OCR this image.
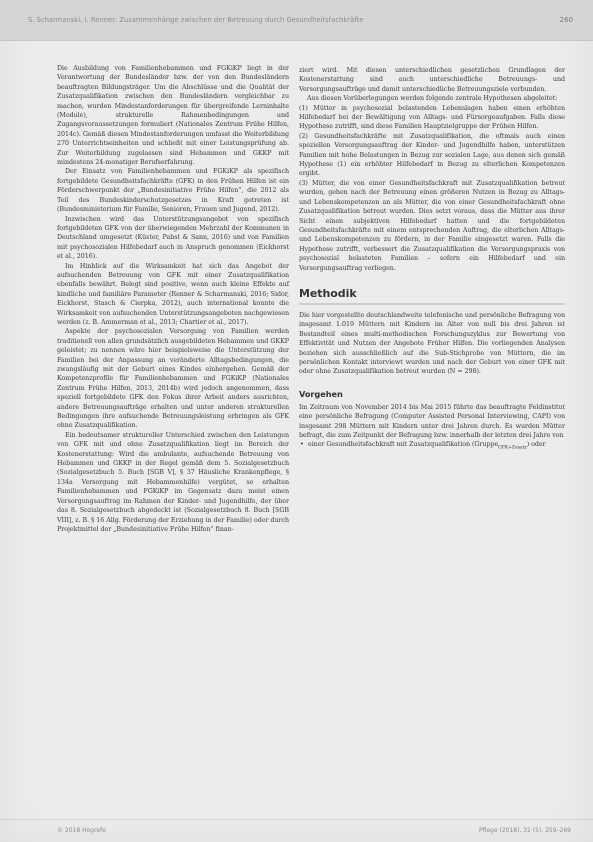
S. Scharmanski, I. Renner: Zusammenhänge zwischen der Betreuung durch Gesundheitsfachkräfte	260

Die Ausbildung von Familienhebammen und FGKiKP liegt in der Verantwortung der Bundesländer bzw. der von den Bundesländern beauftragten Bildungsträger. Um die Abschlüsse und die Qualität der Zusatzqualifikation zwischen den Bundesländern vergleichbar zu machen, wurden Mindestanforderungen für übergreifende Lerninhalte (Module), strukturelle Rahmenbedingungen und Zugangsvoraussetzungen formuliert (Nationales Zentrum Frühe Hilfen, 2014c). Gemäß diesen Mindestanforderungen umfasst die Weiterbildung 270 Unterrichtseinheiten und schließt mit einer Leistungsprüfung ab. Zur Weiterbildung zugelassen sind Hebammen und GKKP mit mindestens 24-monatiger Berufserfahrung.

Der Einsatz von Familienhebammen und FGKiKP als spezifisch fortgebildete Gesundheitsfachkräfte (GFK) in den Frühen Hilfen ist ein Förderschwerpunkt der „Bundesinitiative Frühe Hilfen“, die 2012 als Teil des Bundeskinderschutzgesetzes in Kraft getreten ist (Bundesministerium für Familie, Senioren, Frauen und Jugend, 2012).

Inzwischen wird das Unterstützungsangebot von spezifisch fortgebildeten GFK von der überwiegenden Mehrzahl der Kommunen in Deutschland umgesetzt (Küster, Pabst & Sann, 2016) und von Familien mit psychosozialen Hilfebedarf auch in Anspruch genommen (Eickhorst et al., 2016).

Im Hinblick auf die Wirksamkeit hat sich das Angebot der aufsuchenden Betreuung von GFK mit einer Zusatzqualifikation ebenfalls bewährt. Belegt sind positive, wenn auch kleine Effekte auf kindliche und familiäre Parameter (Renner & Scharmanski, 2016; Sidor, Eickhorst, Stasch & Cierpka, 2012), auch international konnte die Wirksamkeit von aufsuchenden Unterstützungsangeboten nachgewiesen werden (z. B. Ammerman et al., 2013; Chartier et al., 2017).

Aspekte der psychosozialen Versorgung von Familien werden traditionell von allen grundsätzlich ausgebildeten Hebammen und GKKP geleistet; zu nennen wäre hier beispielsweise die Unterstützung der Familien bei der Anpassung an veränderte Alltagsbedingungen, die zwangsläufig mit der Geburt eines Kindes einhergehen. Gemäß der Kompetenzprofile für Familienhebammen und FGKiKP (Nationales Zentrum Frühe Hilfen, 2013, 2014b) wird jedoch angenommen, dass speziell fortgebildete GFK den Fokus ihrer Arbeit anders ausrichten, andere Betreuungsaufträge erhalten und unter anderen strukturellen Bedingungen ihre aufsuchende Betreuungsleistung erbringen als GFK ohne Zusatzqualifikation.

Ein bedeutsamer struktureller Unterschied zwischen den Leistungen von GFK mit und ohne Zusatzqualifikation liegt im Bereich der Kostenerstattung: Wird die ambulante, aufsuchende Betreuung von Hebammen und GKKP in der Regel gemäß dem 5. Sozialgesetzbuch (Sozialgesetzbuch 5. Buch [SGB V], § 37 Häusliche Krankenpflege, § 134a Versorgung mit Hebammenhilfe) vergütet, so erhalten Familienhebammen und FGKiKP im Gegensatz dazu meist einen Versorgungsauftrag im Rahmen der Kinder- und Jugendhilfe, der über das 8. Sozialgesetzbuch abgedeckt ist (Sozialgesetzbuch 8. Buch [SGB VIII], z. B. § 16 Allg. Förderung der Erziehung in der Familie) oder durch Projektmittel der „Bundesinitiative Frühe Hilfen“ finan-

ziert wird. Mit diesen unterschiedlichen gesetzlichen Grundlagen der Kostenerstattung sind auch unterschiedliche Betreuungs- und Versorgungsaufträge und damit unterschiedliche Betreuungsziele verbunden.

Aus diesen Vorüberlegungen werden folgende zentrale Hypothesen abgeleitet:

(1) Mütter in psychosozial belastenden Lebenslagen haben einen erhöhten Hilfebedarf bei der Bewältigung von Alltags- und Fürsorgeaufgaben. Falls diese Hypothese zutrifft, sind diese Familien Hauptzielgruppe der Frühen Hilfen.

(2) Gesundheitsfachkräfte mit Zusatzqualifikation, die oftmals auch einen speziellen Versorgungsauftrag der Kinder- und Jugendhilfe haben, unterstützen Familien mit hohe Belastungen in Bezug zur sozialen Lage, aus denen sich gemäß Hypothese (1) ein erhöhter Hilfebedarf in Bezug zu elterlichen Kompetenzen ergibt.

(3) Mütter, die von einer Gesundheitsfachkraft mit Zusatzqualifikation betreut wurden, gehen nach der Betreuung einen größeren Nutzen in Bezug zu Alltags- und Lebenskompetenzen an als Mütter, die von einer Gesundheitsfachkraft ohne Zusatzqualifikation betreut wurden. Dies setzt voraus, dass die Mütter aus ihrer Sicht einen subjektiven Hilfebedarf hatten und die fortgebildeten Gesundheitsfachkräfte mit einem entsprechenden Auftrag, die elterlichen Alltags- und Lebenskompetenzen zu fördern, in der Familie eingesetzt waren. Falls die Hypothese zutrifft, verbessert die Zusatzqualifikation die Versorgungspraxis von psychosozial belasteten Familien – sofern ein Hilfebedarf und ein Versorgungsauftrag vorliegen.

Methodik

Die hier vorgestellte deutschlandweite telefonische und persönliche Befragung von insgesamt 1.019 Müttern mit Kindern im Alter von null bis drei Jahren ist Bestandteil eines multi-methodischen Forschungszyklus zur Bewertung von Effektivität und Nutzen der Angebote Früher Hilfen. Die vorliegenden Analysen beziehen sich ausschließlich auf die Sub-Stichprobe von Müttern, die im persönlichen Kontakt interviewt wurden und nach der Geburt von einer GFK mit oder ohne Zusatzqualifikation betreut wurden (N = 298).

Vorgehen

Im Zeitraum von November 2014 bis Mai 2015 führte das beauftragte Feldinstitut eine persönliche Befragung (Computer Assisted Personal Interviewing, CAPI) von insgesamt 298 Müttern mit Kindern unter drei Jahren durch. Es wurden Mütter befragt, die zum Zeitpunkt der Befragung bzw. innerhalb der letzten drei Jahre von

• einer Gesundheitsfachkraft mit Zusatzqualifikation (Gruppe$_{GFK+Zusatz}$) oder
© 2018 Hogrefe	Pflege (2018), 31 (5), 259–269
